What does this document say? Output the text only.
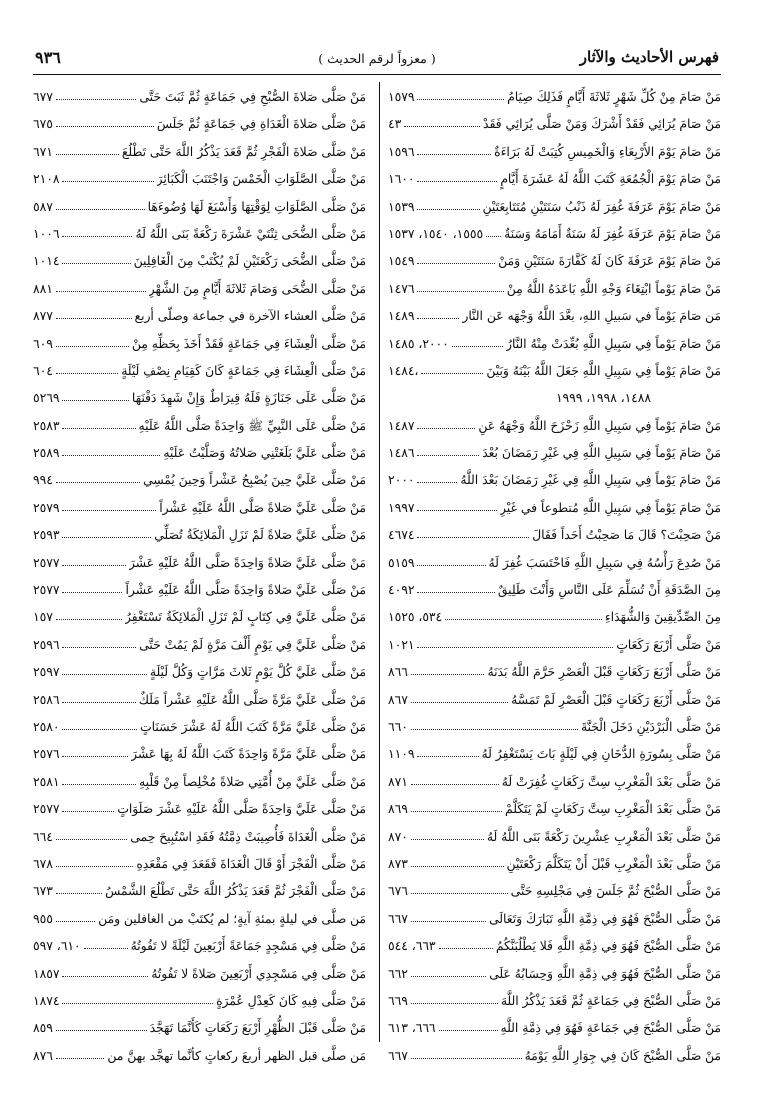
فهرس الأحاديث والآثار
( معزواً لرقم الحديث )
٩٣٦
مَنْ صَامَ مِنْ كُلِّ شَهْرٍ ثَلاثَةَ أَيَّامٍ فَذَلِكَ صِيَامُ
١٥٧٩
مَنْ صَامَ يُرَائِي فَقَدْ أَشْرَكَ وَمَنْ صَلَّى يُرَائِي فَقَدْ
٤٣
مَنْ صَامَ يَوْمَ الأَرْبِعَاءِ وَالْخَمِيسِ كُتِبَتْ لَهُ بَرَاءَةٌ
١٥٩٦
مَنْ صَامَ يَوْمَ الْجُمُعَةِ كَتَبَ اللَّهُ لَهُ عَشَرَةَ أَيَّامٍ
١٦٠٠
مَنْ صَامَ يَوْمَ عَرَفَةَ غُفِرَ لَهُ ذَنْبُ سَنَتَيْنِ مُتَتَابِعَتَيْنِ
١٥٣٩
مَنْ صَامَ يَوْمَ عَرَفَةَ غُفِرَ لَهُ سَنَةٌ أَمَامَهُ وَسَنَةٌ
١٥٥٥، ١٥٤٠، ١٥٣٧
مَنْ صَامَ يَوْمَ عَرَفَةَ كَانَ لَهُ كَفَّارَةَ سَنَتَيْنِ وَمَنْ
١٥٤٩
مَنْ صَامَ يَوْماً ابْتِغَاءَ وَجْهِ اللَّهِ بَاعَدَهُ اللَّهُ مِنْ
١٤٧٦
مَن صَامَ يَوْماً في سَبيلِ اللهِ، بعَّدَ اللَّهُ وَجْهَه عَن النَّار
١٤٨٩
مَنْ صَامَ يَوْماً فِي سَبِيلِ اللَّهِ بُعِّدَتْ مِنْهُ النَّارُ
٢٠٠٠، ١٤٨٥
مَنْ صَامَ يَوْماً فِي سَبِيلِ اللَّهِ جَعَلَ اللَّهُ بَيْنَهُ وَبَيْنَ
١٤٨٤،
١٤٨٨، ١٩٩٨، ١٩٩٩
مَنْ صَامَ يَوْماً فِي سَبِيلِ اللَّهِ زَحْزَحَ اللَّهُ وَجْهَهُ عَنِ
١٤٨٧
مَنْ صَامَ يَوْماً فِي سَبِيلِ اللَّهِ فِي غَيْرِ رَمَضَانَ بُعْدَ
١٤٨٦
مَنْ صَامَ يَوْماً فِي سَبِيلِ اللَّهِ فِي غَيْرِ رَمَضَانَ بَعْدَ اللَّهُ
٢٠٠٠
مَنْ صَامَ يَوْماً فِي سَبِيلِ اللَّهِ مُتطوعاً في غَيْرِ
١٩٩٧
مَنْ صَحِبْتَ؟ قَالَ مَا صَحِبْتُ أَحَداً فَقَالَ
٤٦٧٤
مَنْ صُدِعَ رَأْسُهُ فِي سَبِيلِ اللَّهِ فَاحْتَسَبَ غُفِرَ لَهُ
٥١٥٩
مِنَ الصَّدَقَةِ أَنْ تُسَلِّمَ عَلَى النَّاسِ وَأَنْتَ طَلِيقٌ
٤٠٩٢
مِنَ الصِّدِّيقِينَ وَالشُّهَدَاءِ
٥٣٤، ١٥٢٥
مَنْ صَلَّى أَرْبَعَ رَكَعَاتٍ
١٠٢١
مَنْ صَلَّى أَرْبَعَ رَكَعَاتٍ قَبْلَ الْعَصْرِ حَرَّمَ اللَّهُ بَدَنَهُ
٨٦٦
مَنْ صَلَّى أَرْبَعَ رَكَعَاتٍ قَبْلَ الْعَصْرِ لَمْ تَمَسَّهُ
٨٦٧
مَنْ صَلَّى الْبَرْدَيْنِ دَخَلَ الْجَنَّةَ
٦٦٠
مَنْ صَلَّى بِسُورَةِ الدُّخَانِ فِي لَيْلَةٍ بَاتَ يَسْتَغْفِرُ لَهُ
١١٠٩
مَنْ صَلَّى بَعْدَ الْمَغْرِبِ سِتَّ رَكَعَاتٍ غُفِرَتْ لَهُ
٨٧١
مَنْ صَلَّى بَعْدَ الْمَغْرِبِ سِتَّ رَكَعَاتٍ لَمْ يَتَكَلَّمْ
٨٦٩
مَنْ صَلَّى بَعْدَ الْمَغْرِبِ عِشْرِينَ رَكْعَةً بَنَى اللَّهُ لَهُ
٨٧٠
مَنْ صَلَّى بَعْدَ الْمَغْرِبِ قَبْلَ أَنْ يَتَكَلَّمَ رَكْعَتَيْنِ
٨٧٣
مَنْ صَلَّى الصُّبْحَ ثُمَّ جَلَسَ فِي مَجْلِسِهِ حَتَّى
٦٧٦
مَنْ صَلَّى الصُّبْحَ فَهُوَ فِي ذِمَّةِ اللَّهِ تَبَارَكَ وَتَعَالَى
٦٦٧
مَنْ صَلَّى الصُّبْحَ فَهُوَ فِي ذِمَّةِ اللَّهِ فَلا يَطْلُبَنَّكُمُ
٦٦٣، ٥٤٤
مَنْ صَلَّى الصُّبْحَ فَهُوَ فِي ذِمَّةِ اللَّهِ وَحِسَابُهُ عَلَى
٦٦٢
مَنْ صَلَّى الصُّبْحَ فِي جَمَاعَةٍ ثُمَّ قَعَدَ يَذْكُرُ اللَّهَ
٦٦٩
مَنْ صَلَّى الصُّبْحَ فِي جَمَاعَةٍ فَهُوَ فِي ذِمَّةِ اللَّهِ
٦٦٦، ٦١٣
مَنْ صَلَّى الصُّبْحَ كَانَ فِي جِوَارِ اللَّهِ يَوْمَهُ
٦٦٧
مَنْ صَلَّى صَلاةَ الصُّبْحِ فِي جَمَاعَةٍ ثُمَّ ثَبَتَ حَتَّى
٦٧٧
مَنْ صَلَّى صَلاةَ الْغَدَاةِ فِي جَمَاعَةٍ ثُمَّ جَلَسَ
٦٧٥
مَنْ صَلَّى صَلاةَ الْفَجْرِ ثُمَّ قَعَدَ يَذْكُرُ اللَّهَ حَتَّى تَطْلُعَ
٦٧١
مَنْ صَلَّى الصَّلَوَاتِ الْخَمْسَ وَاجْتَنَبَ الْكَبَائِرَ
٢١٠٨
مَنْ صَلَّى الصَّلَوَاتِ لِوَقْتِهَا وَأَسْبَغَ لَهَا وُضُوءَهَا
٥٨٧
مَنْ صَلَّى الضُّحَى ثِنْتَيْ عَشْرَةَ رَكْعَةً بَنَى اللَّهُ لَهُ
١٠٠٦
مَنْ صَلَّى الضُّحَى رَكْعَتَيْنِ لَمْ يُكْتَبْ مِنَ الْغَافِلِينَ
١٠١٤
مَنْ صَلَّى الضُّحَى وَصَامَ ثَلاثَةَ أَيَّامٍ مِنَ الشَّهْرِ
٨٨١
مَنْ صَلَّى العشاء الآخرة في جماعة وصلّى أربع
٨٧٧
مَنْ صَلَّى الْعِشَاءَ فِي جَمَاعَةٍ فَقَدْ أَخَذَ بِحَظِّهِ مِنْ
٦٠٩
مَنْ صَلَّى الْعِشَاءَ فِي جَمَاعَةٍ كَانَ كَقِيَامِ نِصْفِ لَيْلَةٍ
٦٠٤
مَنْ صَلَّى عَلَى جَنَازَةٍ فَلَهُ قِيرَاطٌ وَإِنْ شَهِدَ دَفْنَهَا
٥٢٦٩
مَنْ صَلَّى عَلَى النَّبِيِّ ﷺ وَاحِدَةً صَلَّى اللَّهُ عَلَيْهِ
٢٥٨٣
مَنْ صَلَّى عَلَيَّ بَلَغَتْنِي صَلاتُهُ وَصَلَّيْتُ عَلَيْهِ
٢٥٨٩
مَنْ صَلَّى عَلَيَّ حِينَ يُصْبِحُ عَشْراً وَحِينَ يُمْسِي
٩٩٤
مَنْ صَلَّى عَلَيَّ صَلاةً صَلَّى اللَّهُ عَلَيْهِ عَشْراً
٢٥٧٩
مَنْ صَلَّى عَلَيَّ صَلاةً لَمْ تَزَلِ الْمَلائِكَةُ تُصَلِّي
٢٥٩٣
مَنْ صَلَّى عَلَيَّ صَلاةً وَاحِدَةً صَلَّى اللَّهُ عَلَيْهِ عَشْرَ
٢٥٧٧
مَنْ صَلَّى عَلَيَّ صَلاةً وَاحِدَةً صَلَّى اللَّهُ عَلَيْهِ عَشْراً
٢٥٧٧
مَنْ صَلَّى عَلَيَّ فِي كِتَابٍ لَمْ تَزَلِ الْمَلائِكَةُ تَسْتَغْفِرُ
١٥٧
مَنْ صَلَّى عَلَيَّ فِي يَوْمٍ أَلْفَ مَرَّةٍ لَمْ يَمُتْ حَتَّى
٢٥٩٦
مَنْ صَلَّى عَلَيَّ كُلَّ يَوْمٍ ثَلاثَ مَرَّاتٍ وَكُلَّ لَيْلَةٍ
٢٥٩٧
مَنْ صَلَّى عَلَيَّ مَرَّةً صَلَّى اللَّهُ عَلَيْهِ عَشْراً مَلَكٌ
٢٥٨٦
مَنْ صَلَّى عَلَيَّ مَرَّةً كَتَبَ اللَّهُ لَهُ عَشْرَ حَسَنَاتٍ
٢٥٨٠
مَنْ صَلَّى عَلَيَّ مَرَّةً وَاحِدَةً كَتَبَ اللَّهُ لَهُ بِهَا عَشْرَ
٢٥٧٦
مَنْ صَلَّى عَلَيَّ مِنْ أُمَّتِي صَلاةً مُخْلِصاً مِنْ قَلْبِهِ
٢٥٨١
مَنْ صَلَّى عَلَيَّ وَاحِدَةً صَلَّى اللَّهُ عَلَيْهِ عَشْرَ صَلَوَاتٍ
٢٥٧٧
مَنْ صَلَّى الْغَدَاةَ فَأُصِيبَتْ ذِمَّتُهُ فَقَدِ اسْتُبِيحَ حِمى
٦٦٤
مَنْ صَلَّى الْفَجْرَ أَوْ قَالَ الْغَدَاةَ فَقَعَدَ فِي مَقْعَدِهِ
٦٧٨
مَنْ صَلَّى الْفَجْرَ ثُمَّ قَعَدَ يَذْكُرُ اللَّهَ حَتَّى تَطْلُعَ الشَّمْسُ
٦٧٣
مَن صلَّى في ليلةٍ بمئةِ آيةٍ؛ لم يُكتَبْ من الغافلين ومَن
٩٥٥
مَنْ صَلَّى فِي مَسْجِدٍ جَمَاعَةً أَرْبَعِينَ لَيْلَةً لا تَفُوتُهُ
٦١٠، ٥٩٧
مَنْ صَلَّى فِي مَسْجِدِي أَرْبَعِينَ صَلاةً لا تَفُوتُهُ
١٨٥٧
مَنْ صَلَّى فِيهِ كَانَ كَعِدْلِ عُمْرَةٍ
١٨٧٤
مَنْ صَلَّى قَبْلَ الظُّهْرِ أَرْبَعَ رَكَعَاتٍ كَأَنَّمَا تَهَجَّدَ
٨٥٩
مَن صلَّى قبل الظهر أربعَ ركعاتٍ كأنَّما تهجَّد بهنَّ من
٨٧٦
